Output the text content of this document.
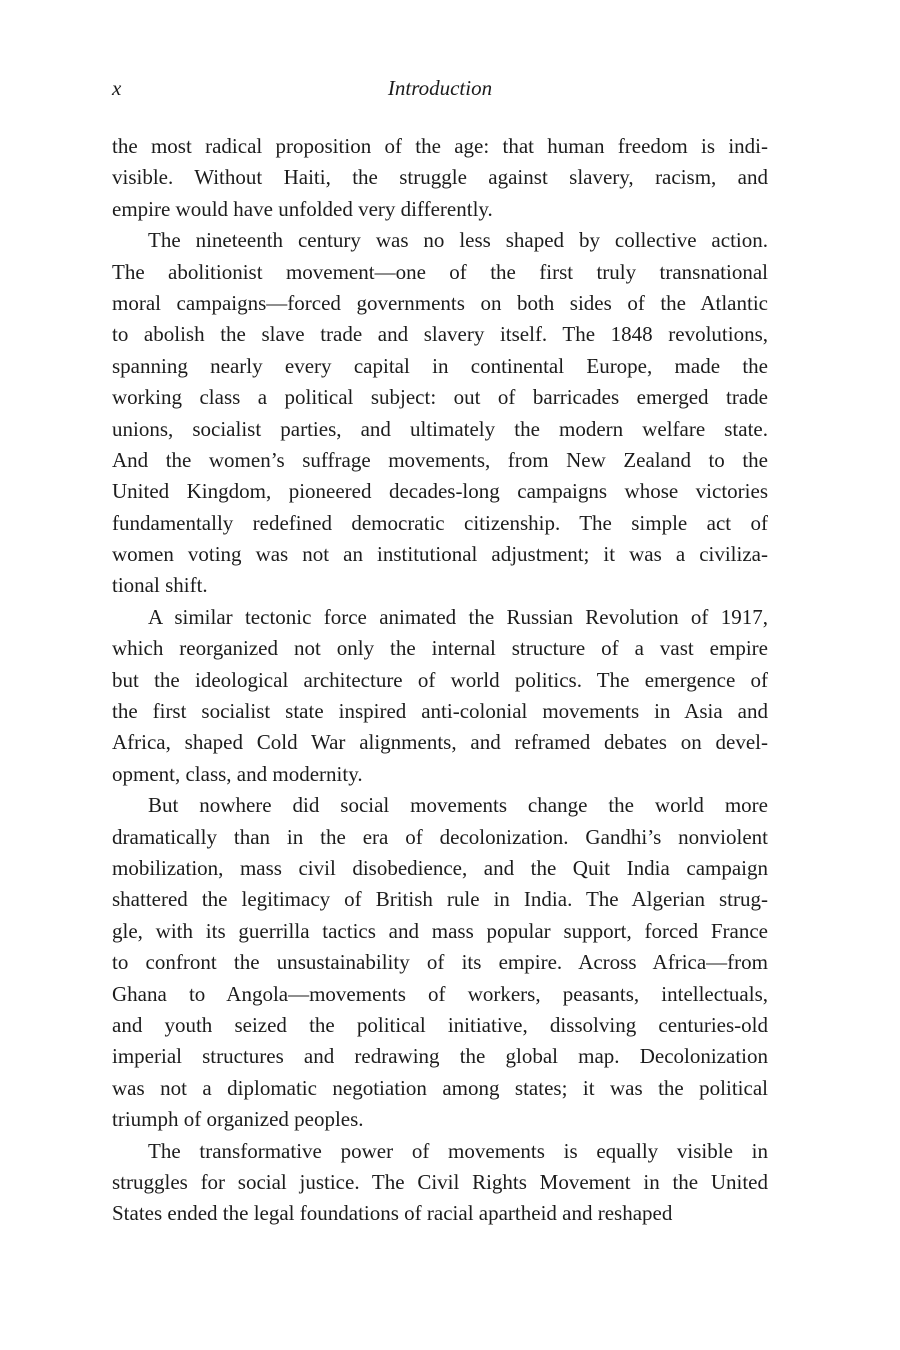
x	Introduction
the most radical proposition of the age: that human freedom is indi-
visible. Without Haiti, the struggle against slavery, racism, and
empire would have unfolded very differently.
The nineteenth century was no less shaped by collective action.
The abolitionist movement—one of the first truly transnational
moral campaigns—forced governments on both sides of the Atlantic
to abolish the slave trade and slavery itself. The 1848 revolutions,
spanning nearly every capital in continental Europe, made the
working class a political subject: out of barricades emerged trade
unions, socialist parties, and ultimately the modern welfare state.
And the women’s suffrage movements, from New Zealand to the
United Kingdom, pioneered decades-long campaigns whose victories
fundamentally redefined democratic citizenship. The simple act of
women voting was not an institutional adjustment; it was a civiliza-
tional shift.
A similar tectonic force animated the Russian Revolution of 1917,
which reorganized not only the internal structure of a vast empire
but the ideological architecture of world politics. The emergence of
the first socialist state inspired anti-colonial movements in Asia and
Africa, shaped Cold War alignments, and reframed debates on devel-
opment, class, and modernity.
But nowhere did social movements change the world more
dramatically than in the era of decolonization. Gandhi’s nonviolent
mobilization, mass civil disobedience, and the Quit India campaign
shattered the legitimacy of British rule in India. The Algerian strug-
gle, with its guerrilla tactics and mass popular support, forced France
to confront the unsustainability of its empire. Across Africa—from
Ghana to Angola—movements of workers, peasants, intellectuals,
and youth seized the political initiative, dissolving centuries-old
imperial structures and redrawing the global map. Decolonization
was not a diplomatic negotiation among states; it was the political
triumph of organized peoples.
The transformative power of movements is equally visible in
struggles for social justice. The Civil Rights Movement in the United
States ended the legal foundations of racial apartheid and reshaped
